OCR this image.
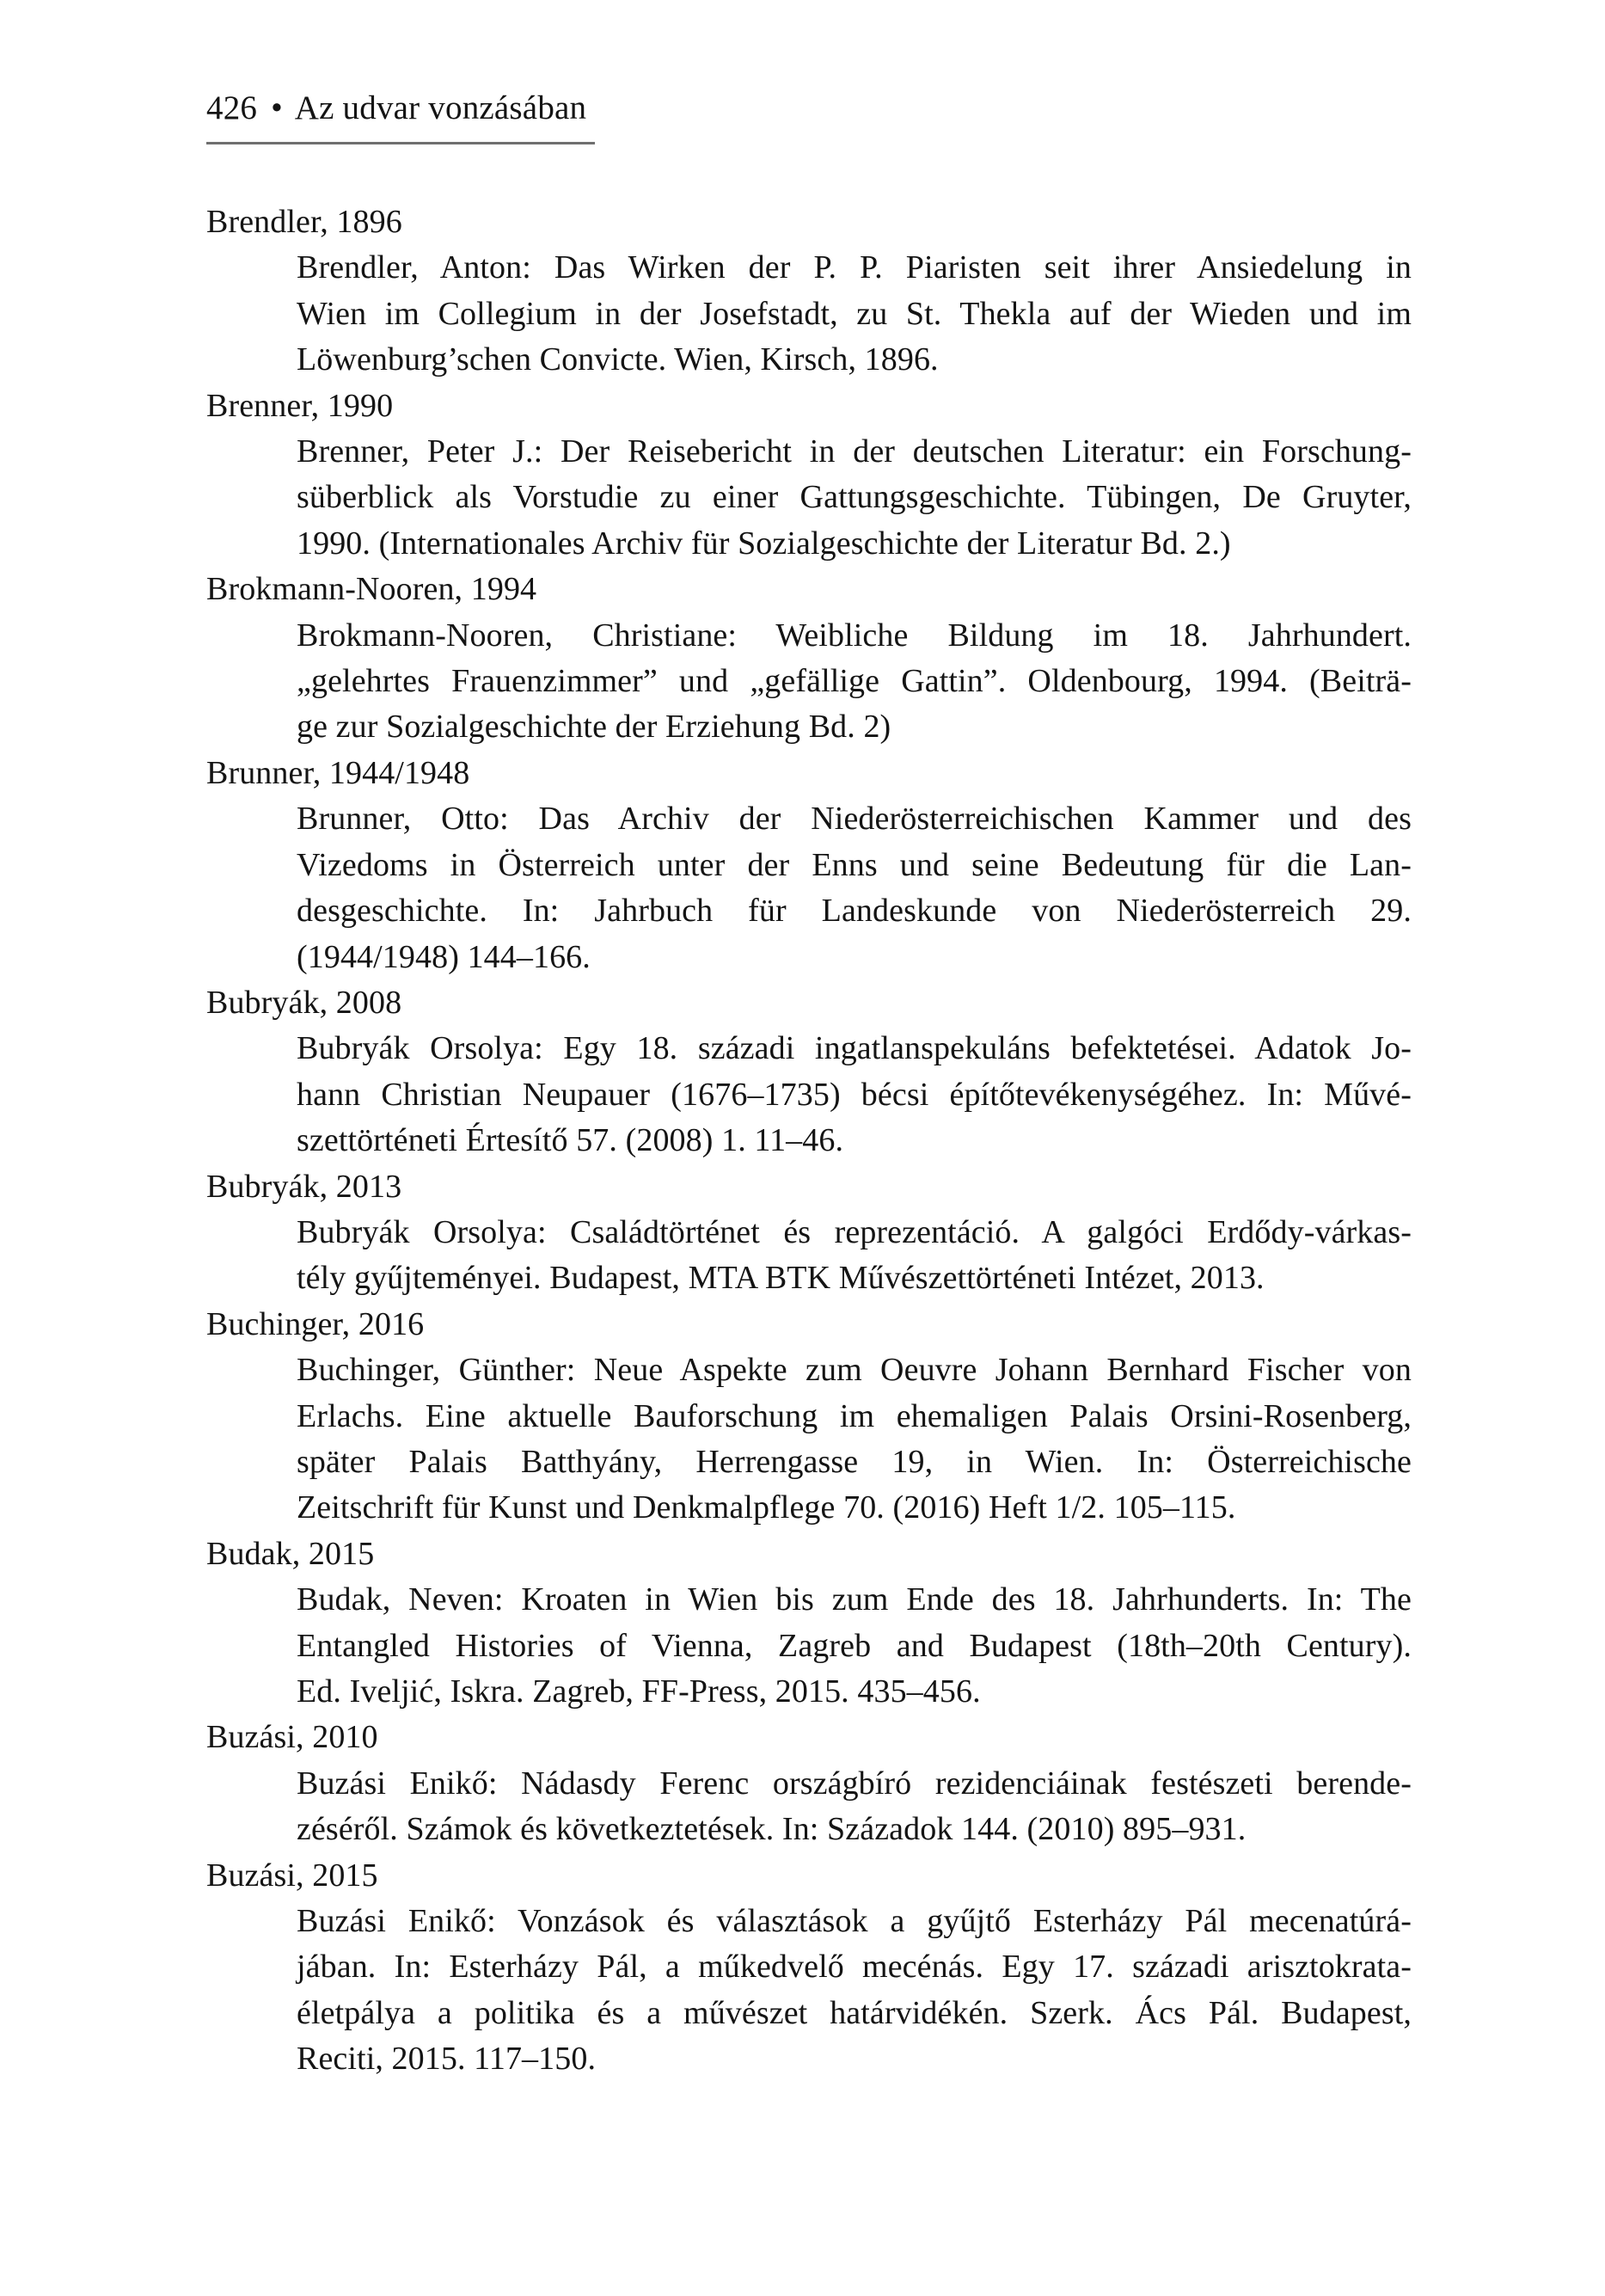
426 • Az udvar vonzásában

Brendler, 1896

Brendler, Anton: Das Wirken der P. P. Piaristen seit ihrer Ansiedelung in
Wien im Collegium in der Josefstadt, zu St. Thekla auf der Wieden und im
Löwenburg’schen Convicte. Wien, Kirsch, 1896.

Brenner, 1990

Brenner, Peter J.: Der Reisebericht in der deutschen Literatur: ein Forschung-
süberblick als Vorstudie zu einer Gattungsgeschichte. Tübingen, De Gruyter,
1990. (Internationales Archiv für Sozialgeschichte der Literatur Bd. 2.)

Brokmann-Nooren, 1994

Brokmann-Nooren, Christiane: Weibliche Bildung im 18. Jahrhundert.
„gelehrtes Frauenzimmer” und „gefällige Gattin”. Oldenbourg, 1994. (Beiträ-
ge zur Sozialgeschichte der Erziehung Bd. 2)

Brunner, 1944/1948

Brunner, Otto: Das Archiv der Niederösterreichischen Kammer und des
Vizedoms in Österreich unter der Enns und seine Bedeutung für die Lan-
desgeschichte. In: Jahrbuch für Landeskunde von Niederösterreich 29.
(1944/1948) 144–166.

Bubryák, 2008

Bubryák Orsolya: Egy 18. századi ingatlanspekuláns befektetései. Adatok Jo-
hann Christian Neupauer (1676–1735) bécsi építőtevékenységéhez. In: Művé-
szettörténeti Értesítő 57. (2008) 1. 11–46.

Bubryák, 2013

Bubryák Orsolya: Családtörténet és reprezentáció. A galgóci Erdődy-várkas-
tély gyűjteményei. Budapest, MTA BTK Művészettörténeti Intézet, 2013.

Buchinger, 2016

Buchinger, Günther: Neue Aspekte zum Oeuvre Johann Bernhard Fischer von
Erlachs. Eine aktuelle Bauforschung im ehemaligen Palais Orsini-Rosenberg,
später Palais Batthyány, Herrengasse 19, in Wien. In: Österreichische
Zeitschrift für Kunst und Denkmalpflege 70. (2016) Heft 1/2. 105–115.

Budak, 2015

Budak, Neven: Kroaten in Wien bis zum Ende des 18. Jahrhunderts. In: The
Entangled Histories of Vienna, Zagreb and Budapest (18th–20th Century).
Ed. Iveljić, Iskra. Zagreb, FF-Press, 2015. 435–456.

Buzási, 2010

Buzási Enikő: Nádasdy Ferenc országbíró rezidenciáinak festészeti berende-
zéséről. Számok és következtetések. In: Századok 144. (2010) 895–931.

Buzási, 2015

Buzási Enikő: Vonzások és választások a gyűjtő Esterházy Pál mecenatúrá-
jában. In: Esterházy Pál, a műkedvelő mecénás. Egy 17. századi arisztokrata-
életpálya a politika és a művészet határvidékén. Szerk. Ács Pál. Budapest,
Reciti, 2015. 117–150.
